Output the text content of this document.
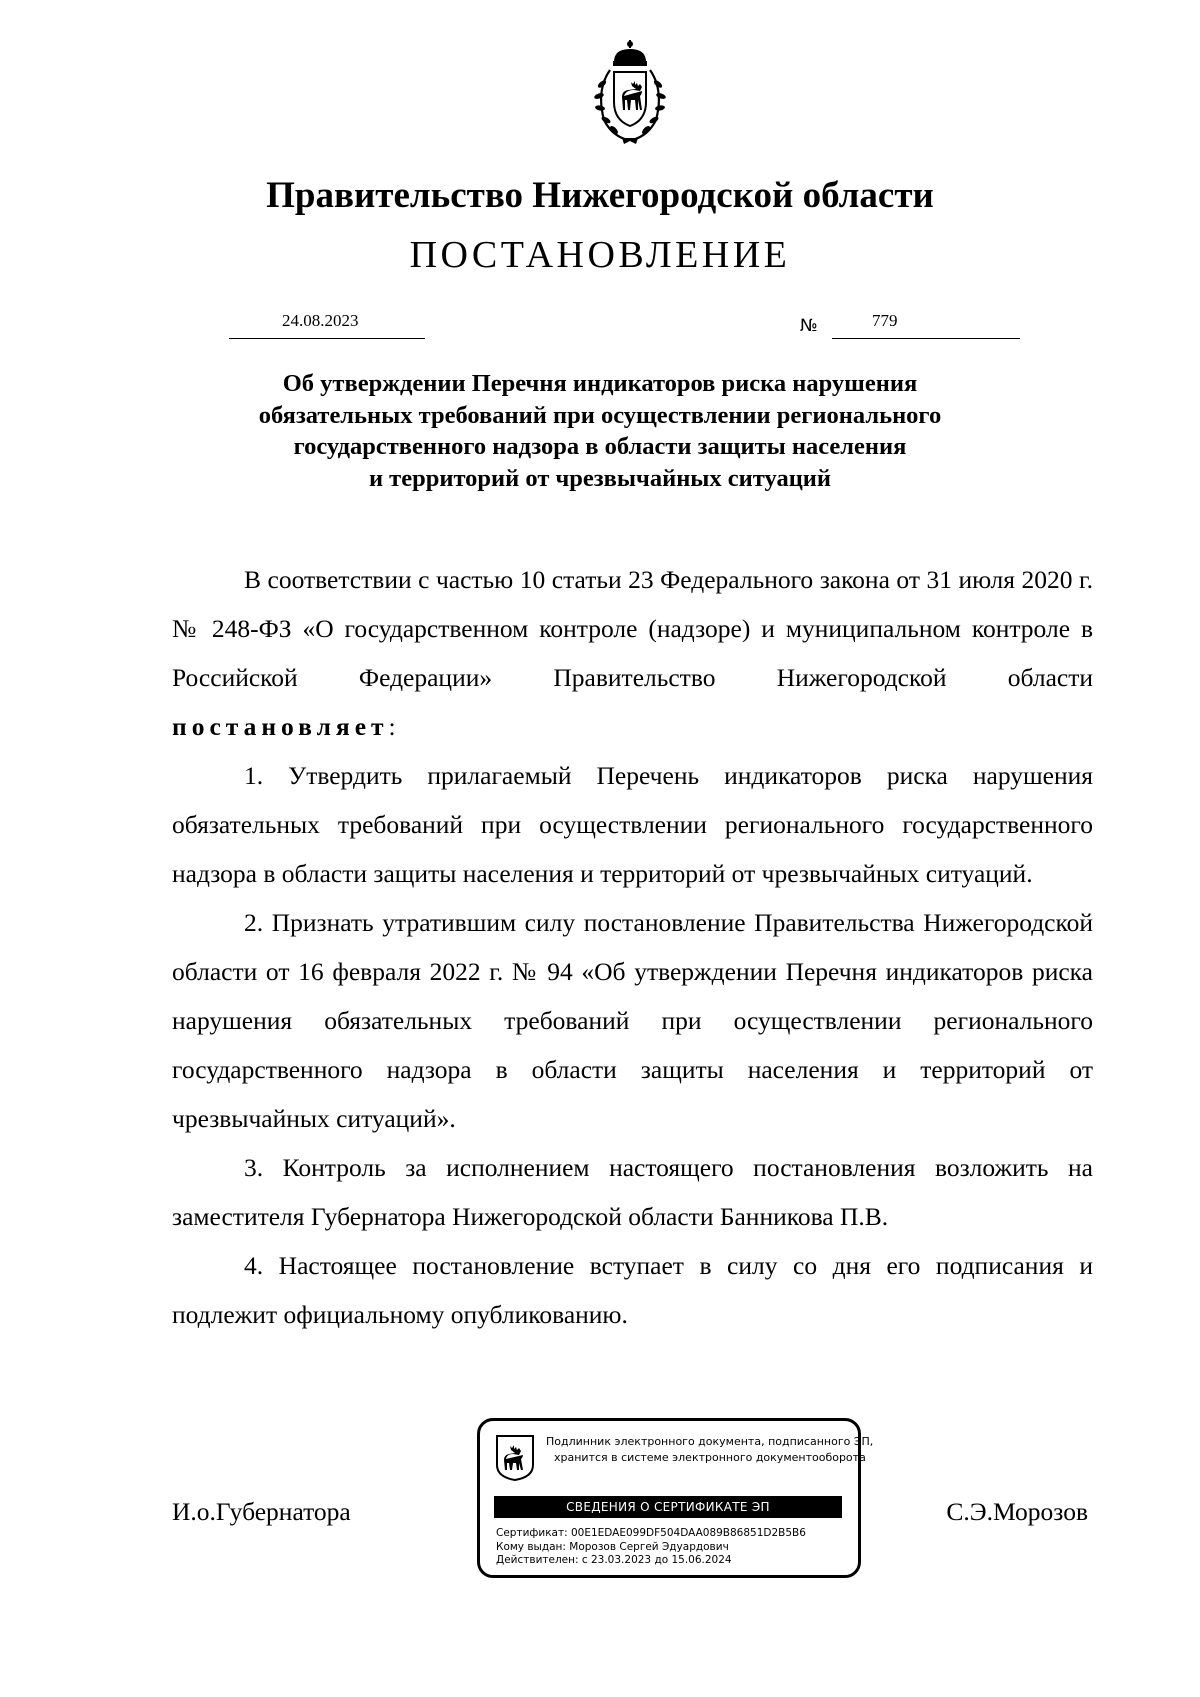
Правительство Нижегородской области
ПОСТАНОВЛЕНИЕ
24.08.2023	№	779
Об утверждении Перечня индикаторов риска нарушения
обязательных требований при осуществлении регионального
государственного надзора в области защиты населения
и территорий от чрезвычайных ситуаций

В соответствии с частью 10 статьи 23 Федерального закона от 31 июля 2020 г. № 248-ФЗ «О государственном контроле (надзоре) и муниципальном контроле в Российской Федерации» Правительство Нижегородской области постановляет:

1. Утвердить прилагаемый Перечень индикаторов риска нарушения обязательных требований при осуществлении регионального государственного надзора в области защиты населения и территорий от чрезвычайных ситуаций.

2. Признать утратившим силу постановление Правительства Нижегородской области от 16 февраля 2022 г. № 94 «Об утверждении Перечня индикаторов риска нарушения обязательных требований при осуществлении регионального государственного надзора в области защиты населения и территорий от чрезвычайных ситуаций».

3. Контроль за исполнением настоящего постановления возложить на заместителя Губернатора Нижегородской области Банникова П.В.

4. Настоящее постановление вступает в силу со дня его подписания и подлежит официальному опубликованию.

И.о.Губернатора	С.Э.Морозов
Подлинник электронного документа, подписанного ЭП,
хранится в системе электронного документооборота
СВЕДЕНИЯ О СЕРТИФИКАТЕ ЭП
Сертификат: 00E1EDAE099DF504DAA089B86851D2B5B6
Кому выдан: Морозов Сергей Эдуардович
Действителен: с 23.03.2023 до 15.06.2024
